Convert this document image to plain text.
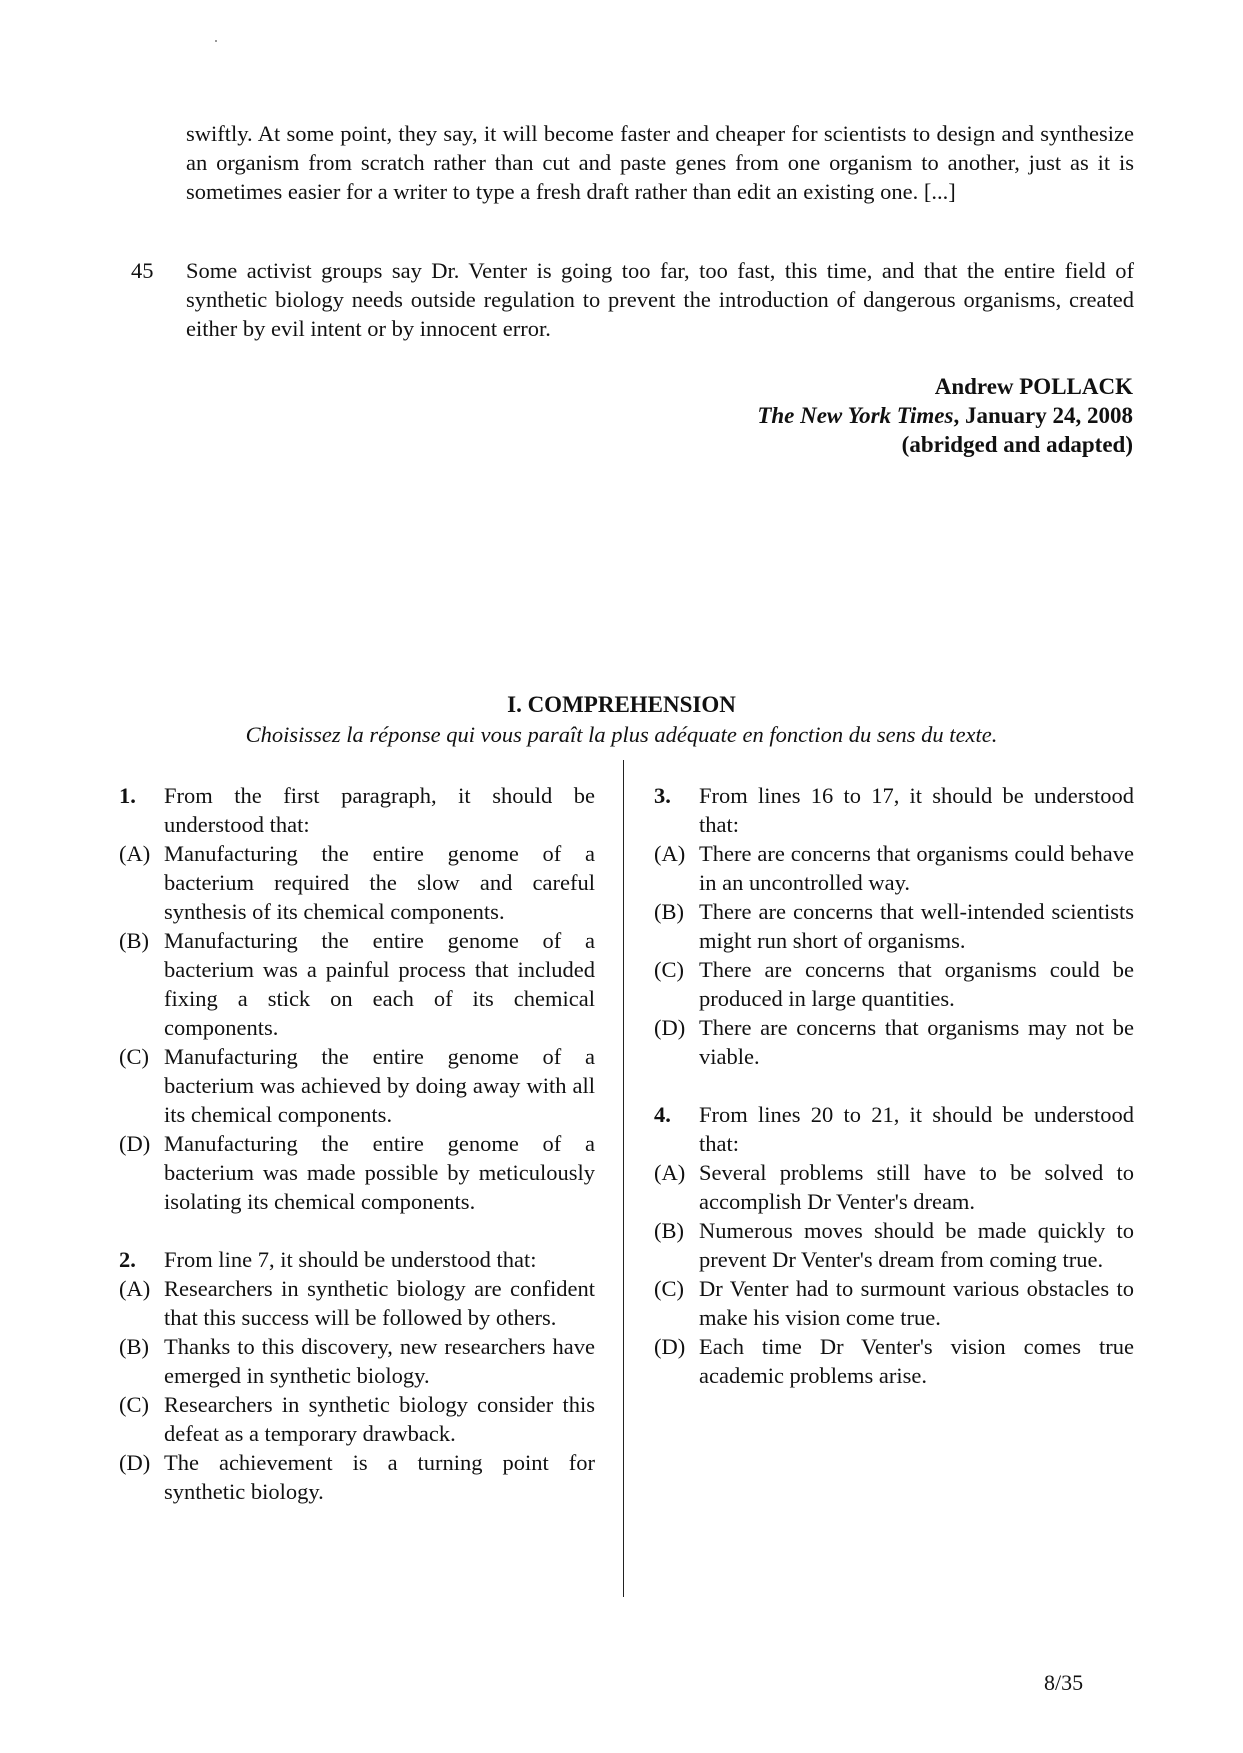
swiftly. At some point, they say, it will become faster and cheaper for scientists to design and synthesize an organism from scratch rather than cut and paste genes from one organism to another, just as it is sometimes easier for a writer to type a fresh draft rather than edit an existing one. [...]
45 Some activist groups say Dr. Venter is going too far, too fast, this time, and that the entire field of synthetic biology needs outside regulation to prevent the introduction of dangerous organisms, created either by evil intent or by innocent error.
Andrew POLLACK
The New York Times, January 24, 2008
(abridged and adapted)
I. COMPREHENSION
Choisissez la réponse qui vous paraît la plus adéquate en fonction du sens du texte.
1.	From the first paragraph, it should be understood that:
(A) Manufacturing the entire genome of a bacterium required the slow and careful synthesis of its chemical components.
(B) Manufacturing the entire genome of a bacterium was a painful process that included fixing a stick on each of its chemical components.
(C) Manufacturing the entire genome of a bacterium was achieved by doing away with all its chemical components.
(D) Manufacturing the entire genome of a bacterium was made possible by meticulously isolating its chemical components.
2.	From line 7, it should be understood that:
(A) Researchers in synthetic biology are confident that this success will be followed by others.
(B) Thanks to this discovery, new researchers have emerged in synthetic biology.
(C) Researchers in synthetic biology consider this defeat as a temporary drawback.
(D) The achievement is a turning point for synthetic biology.
3.	From lines 16 to 17, it should be understood that:
(A) There are concerns that organisms could behave in an uncontrolled way.
(B) There are concerns that well-intended scientists might run short of organisms.
(C) There are concerns that organisms could be produced in large quantities.
(D) There are concerns that organisms may not be viable.
4.	From lines 20 to 21, it should be understood that:
(A) Several problems still have to be solved to accomplish Dr Venter's dream.
(B) Numerous moves should be made quickly to prevent Dr Venter's dream from coming true.
(C) Dr Venter had to surmount various obstacles to make his vision come true.
(D) Each time Dr Venter's vision comes true academic problems arise.
8/35
